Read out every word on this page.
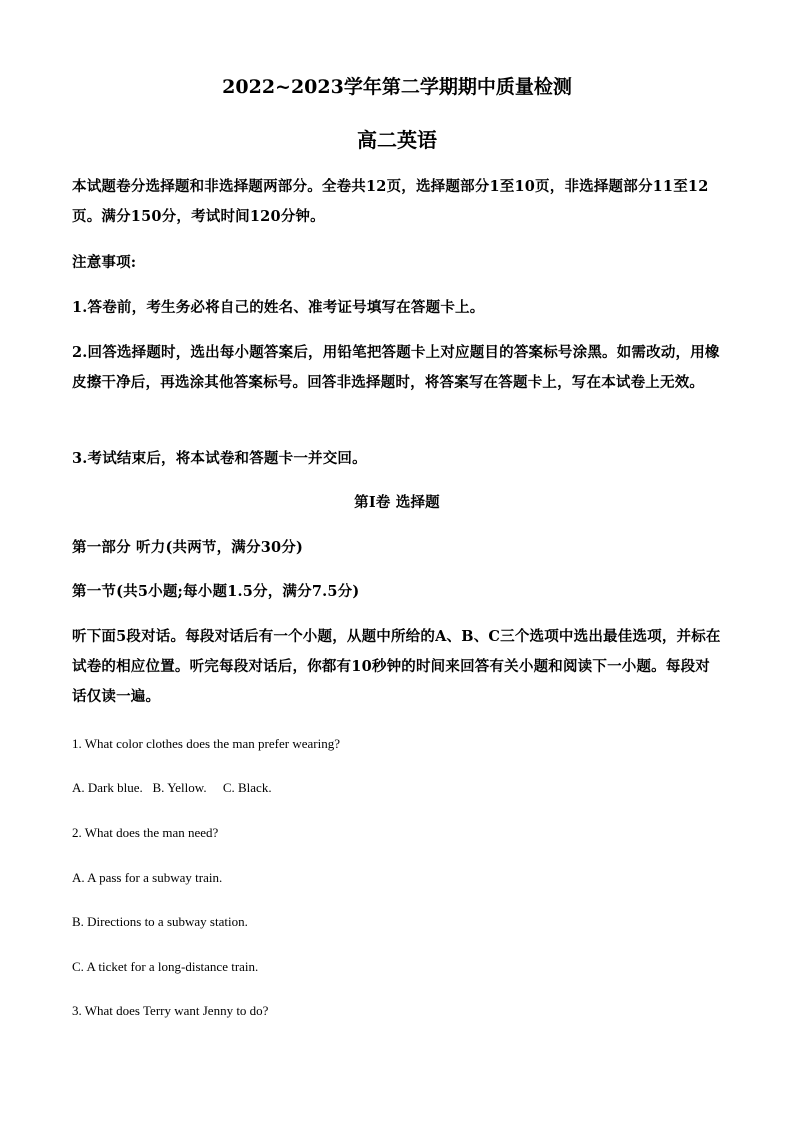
2022~2023学年第二学期期中质量检测
高二英语
本试题卷分选择题和非选择题两部分。全卷共12页，选择题部分1至10页，非选择题部分11至12页。满分150分，考试时间120分钟。
注意事项:
1.答卷前，考生务必将自己的姓名、准考证号填写在答题卡上。
2.回答选择题时，选出每小题答案后，用铅笔把答题卡上对应题目的答案标号涂黑。如需改动，用橡皮擦干净后，再选涂其他答案标号。回答非选择题时，将答案写在答题卡上，写在本试卷上无效。
3.考试结束后，将本试卷和答题卡一并交回。
第Ⅰ卷 选择题
第一部分 听力(共两节，满分30分)
第一节(共5小题;每小题1.5分，满分7.5分)
听下面5段对话。每段对话后有一个小题，从题中所给的A、B、C三个选项中选出最佳选项，并标在试卷的相应位置。听完每段对话后，你都有10秒钟的时间来回答有关小题和阅读下一小题。每段对话仅读一遍。
1. What color clothes does the man prefer wearing?
A. Dark blue.   B. Yellow.     C. Black.
2. What does the man need?
A. A pass for a subway train.
B. Directions to a subway station.
C. A ticket for a long-distance train.
3. What does Terry want Jenny to do?
